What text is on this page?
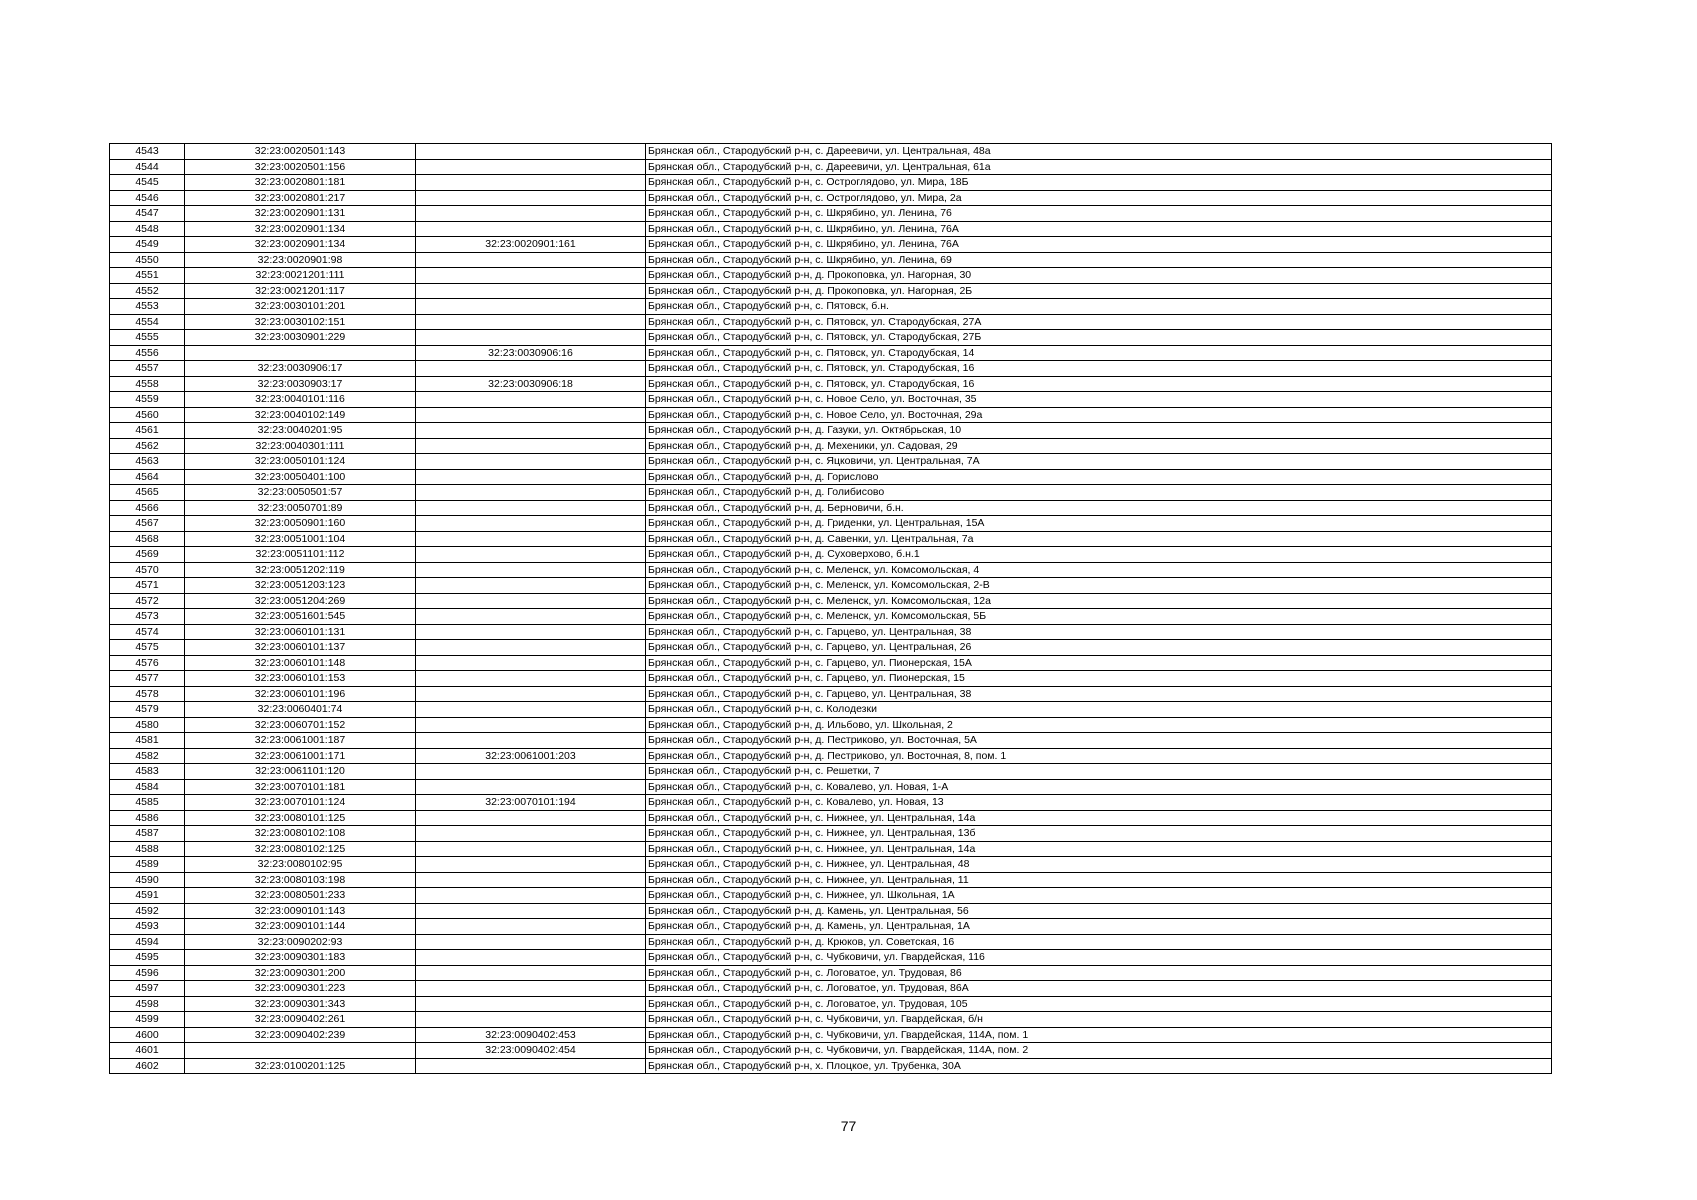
4543	32:23:0020501:143		Брянская обл., Стародубский р-н, с. Дареевичи, ул. Центральная, 48а
4544	32:23:0020501:156		Брянская обл., Стародубский р-н, с. Дареевичи, ул. Центральная, 61а
4545	32:23:0020801:181		Брянская обл., Стародубский р-н, с. Остроглядово, ул. Мира, 18Б
4546	32:23:0020801:217		Брянская обл., Стародубский р-н, с. Остроглядово, ул. Мира, 2а
4547	32:23:0020901:131		Брянская обл., Стародубский р-н, с. Шкрябино, ул. Ленина, 76
4548	32:23:0020901:134		Брянская обл., Стародубский р-н, с. Шкрябино, ул. Ленина, 76А
4549	32:23:0020901:134	32:23:0020901:161	Брянская обл., Стародубский р-н, с. Шкрябино, ул. Ленина, 76А
4550	32:23:0020901:98		Брянская обл., Стародубский р-н, с. Шкрябино, ул. Ленина, 69
4551	32:23:0021201:111		Брянская обл., Стародубский р-н, д. Прокоповка, ул. Нагорная, 30
4552	32:23:0021201:117		Брянская обл., Стародубский р-н, д. Прокоповка, ул. Нагорная, 2Б
4553	32:23:0030101:201		Брянская обл., Стародубский р-н, с. Пятовск, б.н.
4554	32:23:0030102:151		Брянская обл., Стародубский р-н, с. Пятовск, ул. Стародубская, 27А
4555	32:23:0030901:229		Брянская обл., Стародубский р-н, с. Пятовск, ул. Стародубская, 27Б
4556		32:23:0030906:16	Брянская обл., Стародубский р-н, с. Пятовск, ул. Стародубская, 14
4557	32:23:0030906:17		Брянская обл., Стародубский р-н, с. Пятовск, ул. Стародубская, 16
4558	32:23:0030903:17	32:23:0030906:18	Брянская обл., Стародубский р-н, с. Пятовск, ул. Стародубская, 16
4559	32:23:0040101:116		Брянская обл., Стародубский р-н, с. Новое Село, ул. Восточная, 35
4560	32:23:0040102:149		Брянская обл., Стародубский р-н, с. Новое Село, ул. Восточная, 29а
4561	32:23:0040201:95		Брянская обл., Стародубский р-н, д. Газуки, ул. Октябрьская, 10
4562	32:23:0040301:111		Брянская обл., Стародубский р-н, д. Мехеники, ул. Садовая, 29
4563	32:23:0050101:124		Брянская обл., Стародубский р-н, с. Яцковичи, ул. Центральная, 7А
4564	32:23:0050401:100		Брянская обл., Стародубский р-н, д. Горислово
4565	32:23:0050501:57		Брянская обл., Стародубский р-н, д. Голибисово
4566	32:23:0050701:89		Брянская обл., Стародубский р-н, д. Берновичи, б.н.
4567	32:23:0050901:160		Брянская обл., Стародубский р-н, д. Гриденки, ул. Центральная, 15А
4568	32:23:0051001:104		Брянская обл., Стародубский р-н, д. Савенки, ул. Центральная, 7а
4569	32:23:0051101:112		Брянская обл., Стародубский р-н, д. Суховерхово, б.н.1
4570	32:23:0051202:119		Брянская обл., Стародубский р-н, с. Меленск, ул. Комсомольская, 4
4571	32:23:0051203:123		Брянская обл., Стародубский р-н, с. Меленск, ул. Комсомольская, 2-В
4572	32:23:0051204:269		Брянская обл., Стародубский р-н, с. Меленск, ул. Комсомольская, 12а
4573	32:23:0051601:545		Брянская обл., Стародубский р-н, с. Меленск, ул. Комсомольская, 5Б
4574	32:23:0060101:131		Брянская обл., Стародубский р-н, с. Гарцево, ул. Центральная, 38
4575	32:23:0060101:137		Брянская обл., Стародубский р-н, с. Гарцево, ул. Центральная, 26
4576	32:23:0060101:148		Брянская обл., Стародубский р-н, с. Гарцево, ул. Пионерская, 15А
4577	32:23:0060101:153		Брянская обл., Стародубский р-н, с. Гарцево, ул. Пионерская, 15
4578	32:23:0060101:196		Брянская обл., Стародубский р-н, с. Гарцево, ул. Центральная, 38
4579	32:23:0060401:74		Брянская обл., Стародубский р-н, с. Колодезки
4580	32:23:0060701:152		Брянская обл., Стародубский р-н, д. Ильбово, ул. Школьная, 2
4581	32:23:0061001:187		Брянская обл., Стародубский р-н, д. Пестриково, ул. Восточная, 5А
4582	32:23:0061001:171	32:23:0061001:203	Брянская обл., Стародубский р-н, д. Пестриково, ул. Восточная, 8, пом. 1
4583	32:23:0061101:120		Брянская обл., Стародубский р-н, с. Решетки, 7
4584	32:23:0070101:181		Брянская обл., Стародубский р-н, с. Ковалево, ул. Новая, 1-А
4585	32:23:0070101:124	32:23:0070101:194	Брянская обл., Стародубский р-н, с. Ковалево, ул. Новая, 13
4586	32:23:0080101:125		Брянская обл., Стародубский р-н, с. Нижнее, ул. Центральная, 14а
4587	32:23:0080102:108		Брянская обл., Стародубский р-н, с. Нижнее, ул. Центральная, 13б
4588	32:23:0080102:125		Брянская обл., Стародубский р-н, с. Нижнее, ул. Центральная, 14а
4589	32:23:0080102:95		Брянская обл., Стародубский р-н, с. Нижнее, ул. Центральная, 48
4590	32:23:0080103:198		Брянская обл., Стародубский р-н, с. Нижнее, ул. Центральная, 11
4591	32:23:0080501:233		Брянская обл., Стародубский р-н, с. Нижнее, ул. Школьная, 1А
4592	32:23:0090101:143		Брянская обл., Стародубский р-н, д. Камень, ул. Центральная, 56
4593	32:23:0090101:144		Брянская обл., Стародубский р-н, д. Камень, ул. Центральная, 1А
4594	32:23:0090202:93		Брянская обл., Стародубский р-н, д. Крюков, ул. Советская, 16
4595	32:23:0090301:183		Брянская обл., Стародубский р-н, с. Чубковичи, ул. Гвардейская, 116
4596	32:23:0090301:200		Брянская обл., Стародубский р-н, с. Логоватое, ул. Трудовая, 86
4597	32:23:0090301:223		Брянская обл., Стародубский р-н, с. Логоватое, ул. Трудовая, 86А
4598	32:23:0090301:343		Брянская обл., Стародубский р-н, с. Логоватое, ул. Трудовая, 105
4599	32:23:0090402:261		Брянская обл., Стародубский р-н, с. Чубковичи, ул. Гвардейская, б/н
4600	32:23:0090402:239	32:23:0090402:453	Брянская обл., Стародубский р-н, с. Чубковичи, ул. Гвардейская, 114А, пом. 1
4601		32:23:0090402:454	Брянская обл., Стародубский р-н, с. Чубковичи, ул. Гвардейская, 114А, пом. 2
4602	32:23:0100201:125		Брянская обл., Стародубский р-н, х. Плоцкое, ул. Трубенка, 30А
77
